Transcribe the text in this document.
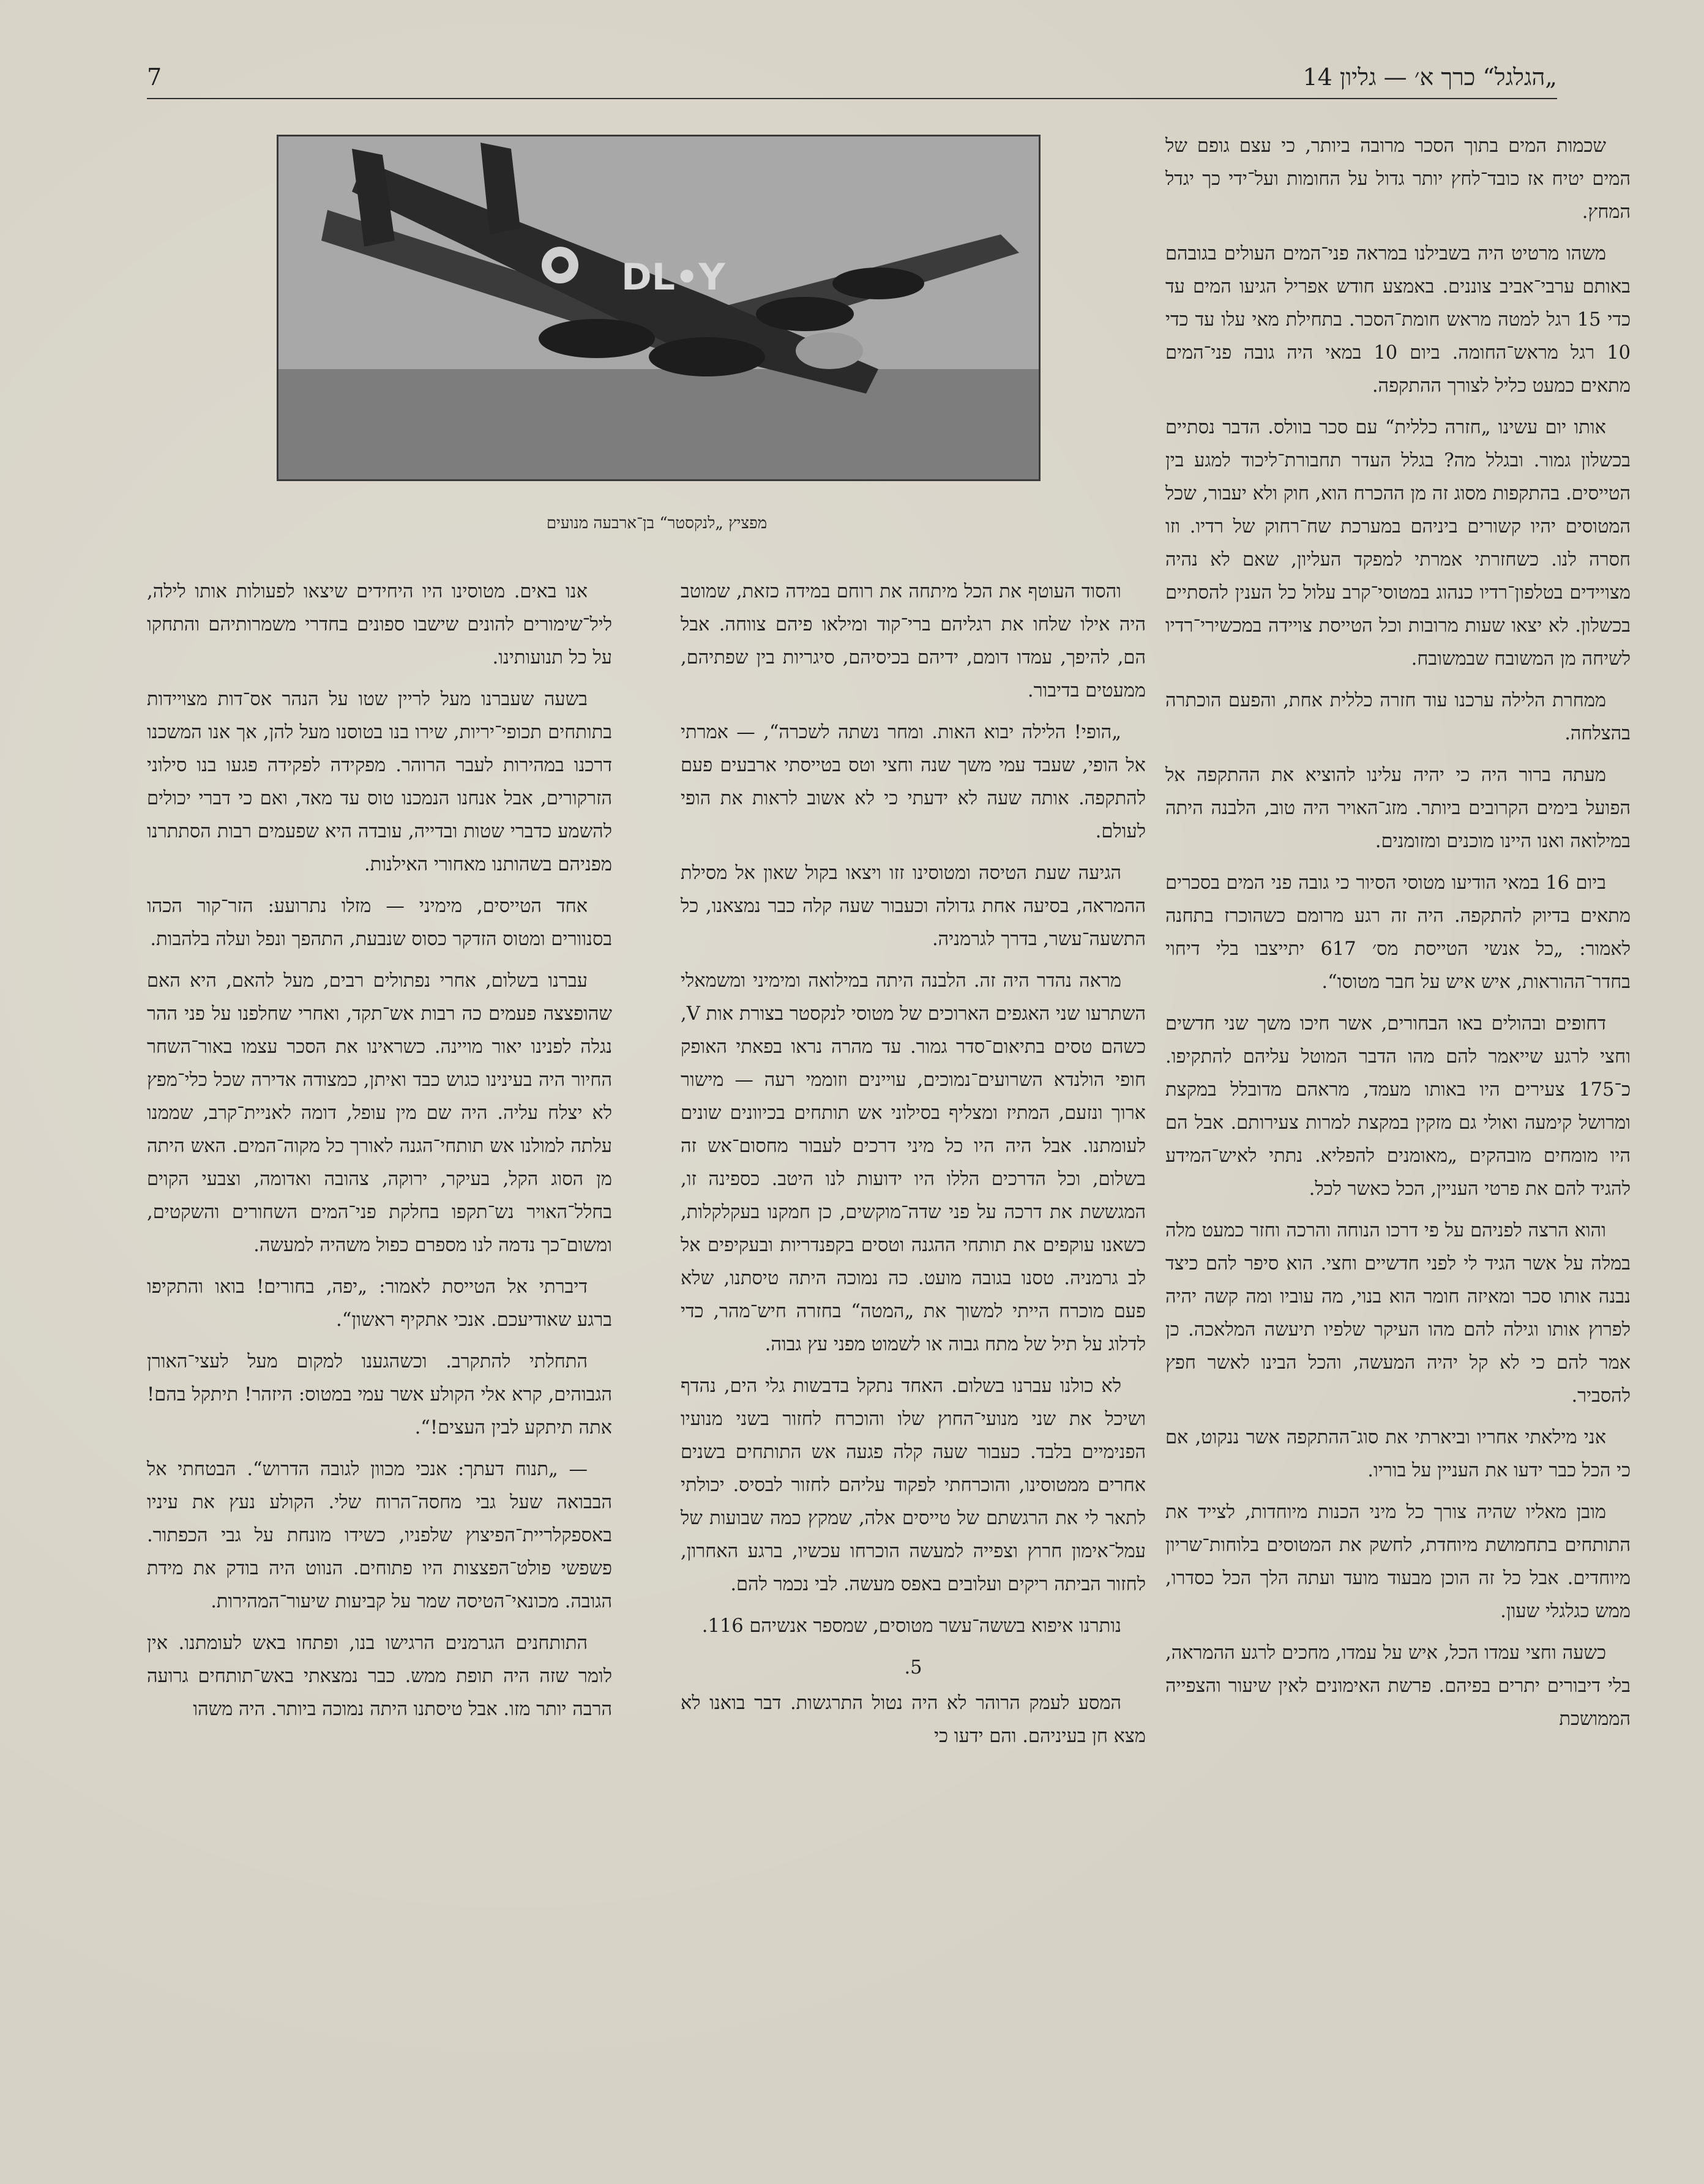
7	„הגלגל“ כרך א׳ — גליון 14
DL•Y
מפציץ „לנקסטר“ בן־ארבעה מנועים

שכמות המים בתוך הסכר מרובה ביותר, כי עצם גופם של המים יטיח אז כובד־לחץ יותר גדול על החומות ועל־ידי כך יגדל המחץ.

משהו מרטיט היה בשבילנו במראה פני־המים העולים בגובהם באותם ערבי־אביב צוננים. באמצע חודש אפריל הגיעו המים עד כדי 15 רגל למטה מראש חומת־הסכר. בתחילת מאי עלו עד כדי 10 רגל מראש־החומה. ביום 10 במאי היה גובה פני־המים מתאים כמעט כליל לצורך ההתקפה.

אותו יום עשינו „חזרה כללית“ עם סכר בוולס. הדבר נסתיים בכשלון גמור. ובגלל מה? בגלל העדר תחבורת־ליכוד למגע בין הטייסים. בהתקפות מסוג זה מן ההכרח הוא, חוק ולא יעבור, שכל המטוסים יהיו קשורים ביניהם במערכת שח־רחוק של רדיו. וזו חסרה לנו. כשחזרתי אמרתי למפקד העליון, שאם לא נהיה מצויידים בטלפון־רדיו כנהוג במטוסי־קרב עלול כל הענין להסתיים בכשלון. לא יצאו שעות מרובות וכל הטייסת צויידה במכשירי־רדיו לשיחה מן המשובח שבמשובח.

ממחרת הלילה ערכנו עוד חזרה כללית אחת, והפעם הוכתרה בהצלחה.

מעתה ברור היה כי יהיה עלינו להוציא את ההתקפה אל הפועל בימים הקרובים ביותר. מזג־האויר היה טוב, הלבנה היתה במילואה ואנו היינו מוכנים ומזומנים.

ביום 16 במאי הודיעו מטוסי הסיור כי גובה פני המים בסכרים מתאים בדיוק להתקפה. היה זה רגע מרומם כשהוכרז בתחנה לאמור: „כל אנשי הטייסת מס׳ 617 יתייצבו בלי דיחוי בחדר־ההוראות, איש איש על חבר מטוסו“.

דחופים ובהולים באו הבחורים, אשר חיכו משך שני חדשים וחצי לרגע שייאמר להם מהו הדבר המוטל עליהם להתקיפו. כ־175 צעירים היו באותו מעמד, מראהם מדובלל במקצת ומרושל קימעה ואולי גם מזקין במקצת למרות צעירותם. אבל הם היו מומחים מובהקים „מאומנים להפליא. נתתי לאיש־המידע להגיד להם את פרטי העניין, הכל כאשר לכל.

והוא הרצה לפניהם על פי דרכו הנוחה והרכה וחזר כמעט מלה במלה על אשר הגיד לי לפני חדשיים וחצי. הוא סיפר להם כיצד נבנה אותו סכר ומאיזה חומר הוא בנוי, מה עוביו ומה קשה יהיה לפרוץ אותו וגילה להם מהו העיקר שלפיו תיעשה המלאכה. כן אמר להם כי לא קל יהיה המעשה, והכל הבינו לאשר חפץ להסביר.

אני מילאתי אחריו וביארתי את סוג־ההתקפה אשר ננקוט, אם כי הכל כבר ידעו את העניין על בוריו.

מובן מאליו שהיה צורך כל מיני הכנות מיוחדות, לצייד את התותחים בתחמושת מיוחדת, לחשק את המטוסים בלוחות־שריון מיוחדים. אבל כל זה הוכן מבעוד מועד ועתה הלך הכל כסדרו, ממש כגלגלי שעון.

כשעה וחצי עמדו הכל, איש על עמדו, מחכים לרגע ההמראה, בלי דיבורים יתרים בפיהם. פרשת האימונים לאין שיעור והצפייה הממושכת

והסוד העוטף את הכל מיתחה את רוחם במידה כזאת, שמוטב היה אילו שלחו את רגליהם ברי־קוד ומילאו פיהם צווחה. אבל הם, להיפך, עמדו דומם, ידיהם בכיסיהם, סיגריות בין שפתיהם, ממעטים בדיבור.

„הופי! הלילה יבוא האות. ומחר נשתה לשכרה“, — אמרתי אל הופי, שעבד עמי משך שנה וחצי וטס בטייסתי ארבעים פעם להתקפה. אותה שעה לא ידעתי כי לא אשוב לראות את הופי לעולם.

הגיעה שעת הטיסה ומטוסינו זזו ויצאו בקול שאון אל מסילת ההמראה, בסיעה אחת גדולה וכעבור שעה קלה כבר נמצאנו, כל התשעה־עשר, בדרך לגרמניה.

מראה נהדר היה זה. הלבנה היתה במילואה ומימיני ומשמאלי השתרעו שני האגפים הארוכים של מטוסי לנקסטר בצורת אות V, כשהם טסים בתיאום־סדר גמור. עד מהרה נראו בפאתי האופק חופי הולנדא השרועים־נמוכים, עויינים וזוממי רעה — מישור ארוך ונזעם, המתיז ומצליף בסילוני אש תותחים בכיוונים שונים לעומתנו. אבל היה היו כל מיני דרכים לעבור מחסום־אש זה בשלום, וכל הדרכים הללו היו ידועות לנו היטב. כספינה זו, המגששת את דרכה על פני שדה־מוקשים, כן חמקנו בעקלקלות, כשאנו עוקפים את תותחי ההגנה וטסים בקפנדריות ובעקיפים אל לב גרמניה. טסנו בגובה מועט. כה נמוכה היתה טיסתנו, שלא פעם מוכרח הייתי למשוך את „המטה“ בחזרה חיש־מהר, כדי לדלוג על תיל של מתח גבוה או לשמוט מפני עץ גבוה.

לא כולנו עברנו בשלום. האחד נתקל בדבשות גלי הים, נהדף ושיכל את שני מנועי־החוץ שלו והוכרח לחזור בשני מנועיו הפנימיים בלבד. כעבור שעה קלה פגעה אש התותחים בשנים אחרים ממטוסינו, והוכרחתי לפקוד עליהם לחזור לבסיס. יכולתי לתאר לי את הרגשתם של טייסים אלה, שמקץ כמה שבועות של עמל־אימון חרוץ וצפייה למעשה הוכרחו עכשיו, ברגע האחרון, לחזור הביתה ריקים ועלובים באפס מעשה. לבי נכמר להם.

נותרנו איפוא בששה־עשר מטוסים, שמספר אנשיהם 116.

5.

המסע לעמק הרוהר לא היה נטול התרגשות. דבר בואנו לא מצא חן בעיניהם. והם ידעו כי

אנו באים. מטוסינו היו היחידים שיצאו לפעולות אותו לילה, ליל־שימורים להונים שישבו ספונים בחדרי משמרותיהם והתחקו על כל תנועותינו.

בשעה שעברנו מעל לריין שטו על הנהר אס־דות מצויידות בתותחים תכופי־יריות, שירו בנו בטוסנו מעל להן, אך אנו המשכנו דרכנו במהירות לעבר הרוהר. מפקידה לפקידה פגעו בנו סילוני הזרקורים, אבל אנחנו הנמכנו טוס עד מאד, ואם כי דברי יכולים להשמע כדברי שטות ובדייה, עובדה היא שפעמים רבות הסתתרנו מפניהם בשהותנו מאחורי האילנות.

אחד הטייסים, מימיני — מזלו נתרועע: הזר־קור הכהו בסנוורים ומטוס הזדקר כסוס שנבעת, התהפך ונפל ועלה בלהבות.

עברנו בשלום, אחרי נפתולים רבים, מעל להאם, היא האם שהופצצה פעמים כה רבות אש־תקד, ואחרי שחלפנו על פני ההר נגלה לפנינו יאור מויינה. כשראינו את הסכר עצמו באור־השחר החיור היה בעינינו כגוש כבד ואיתן, כמצודה אדירה שכל כלי־מפץ לא יצלח עליה. היה שם מין עופל, דומה לאניית־קרב, שממנו עלתה למולנו אש תותחי־הגנה לאורך כל מקוה־המים. האש היתה מן הסוג הקל, בעיקר, ירוקה, צהובה ואדומה, וצבעי הקוים בחלל־האויר נש־תקפו בחלקת פני־המים השחורים והשקטים, ומשום־כך נדמה לנו מספרם כפול משהיה למעשה.

דיברתי אל הטייסת לאמור: „יפה, בחורים! בואו והתקיפו ברגע שאודיעכם. אנכי אתקיף ראשון“.

התחלתי להתקרב. וכשהגענו למקום מעל לעצי־האורן הגבוהים, קרא אלי הקולע אשר עמי במטוס: היזהר! תיתקל בהם! אתה תיתקע לבין העצים!“.

— „תנוח דעתך: אנכי מכוון לגובה הדרוש“. הבטחתי אל הבבואה שעל גבי מחסה־הרוח שלי. הקולע נעץ את עיניו באספקלריית־הפיצוץ שלפניו, כשידו מונחת על גבי הכפתור. פשפשי פולט־הפצצות היו פתוחים. הנווט היה בודק את מידת הגובה. מכונאי־הטיסה שמר על קביעות שיעור־המהירות.

התותחנים הגרמנים הרגישו בנו, ופתחו באש לעומתנו. אין לומר שזה היה תופת ממש. כבר נמצאתי באש־תותחים גרועה הרבה יותר מזו. אבל טיסתנו היתה נמוכה ביותר. היה משהו
